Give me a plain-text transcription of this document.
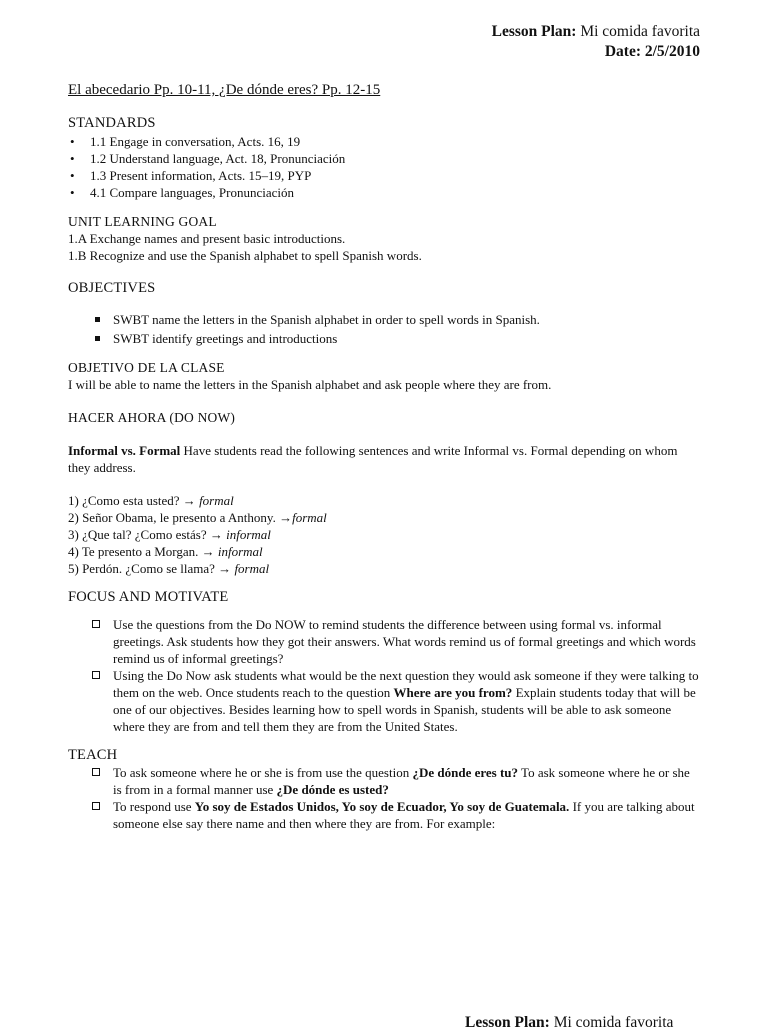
Lesson Plan: Mi comida favorita
Date: 2/5/2010
El abecedario Pp. 10-11, ¿De dónde eres? Pp. 12-15
STANDARDS
• 1.1 Engage in conversation, Acts. 16, 19
• 1.2 Understand language, Act. 18, Pronunciación
• 1.3 Present information, Acts. 15–19, PYP
• 4.1 Compare languages, Pronunciación
UNIT LEARNING GOAL

1.A Exchange names and present basic introductions.

1.B Recognize and use the Spanish alphabet to spell Spanish words.

OBJECTIVES
SWBT name the letters in the Spanish alphabet in order to spell words in Spanish.
SWBT identify greetings and introductions
OBJETIVO DE LA CLASE

I will be able to name the letters in the Spanish alphabet and ask people where they are from.

HACER AHORA (DO NOW)

Informal vs. Formal Have students read the following sentences and write Informal vs. Formal depending on whom they address.

1) ¿Como esta usted? → formal
2) Señor Obama, le presento a Anthony. →formal
3) ¿Que tal? ¿Como estás? → informal
4) Te presento a Morgan. → informal
5) Perdón. ¿Como se llama? → formal
FOCUS AND MOTIVATE
Use the questions from the Do NOW to remind students the difference between using formal vs. informal greetings. Ask students how they got their answers. What words remind us of formal greetings and which words remind us of informal greetings?
Using the Do Now ask students what would be the next question they would ask someone if they were talking to them on the web. Once students reach to the question Where are you from? Explain students today that will be one of our objectives. Besides learning how to spell words in Spanish, students will be able to ask someone where they are from and tell them they are from the United States.
TEACH
To ask someone where he or she is from use the question ¿De dónde eres tu? To ask someone where he or she is from in a formal manner use ¿De dónde es usted?
To respond use Yo soy de Estados Unidos, Yo soy de Ecuador, Yo soy de Guatemala. If you are talking about someone else say there name and then where they are from. For example:
Lesson Plan: Mi comida favorita
